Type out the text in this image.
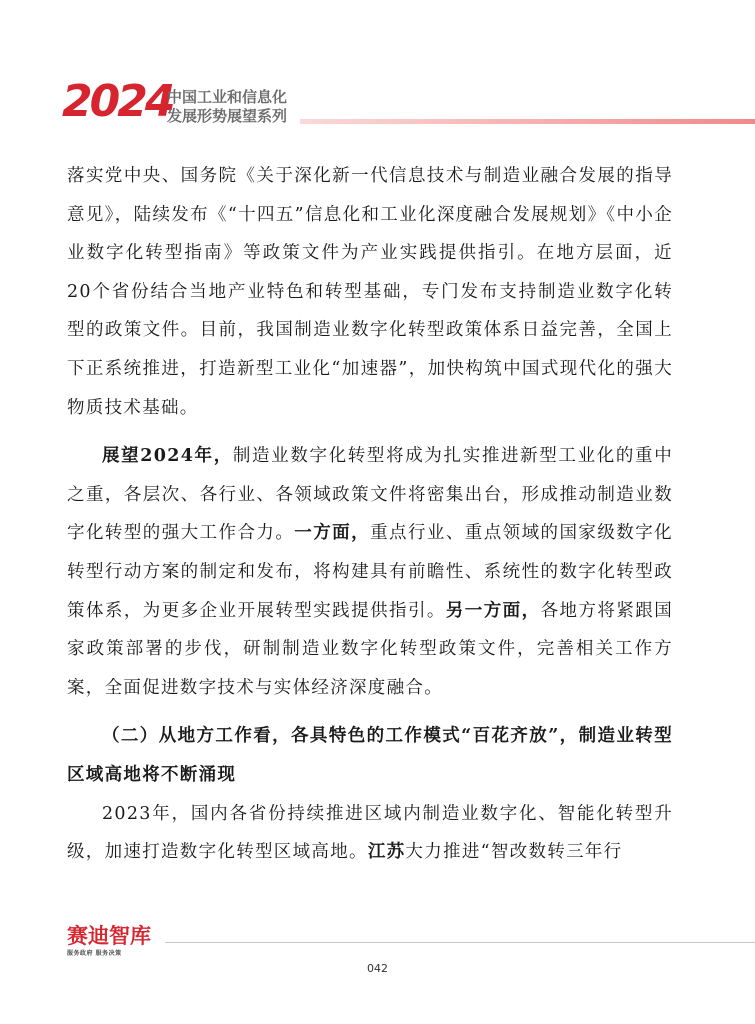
2024
中国工业和信息化
发展形势展望系列

落实党中央、国务院《关于深化新一代信息技术与制造业融合发展的指导意见》，陆续发布《“十四五”信息化和工业化深度融合发展规划》《中小企业数字化转型指南》等政策文件为产业实践提供指引。在地方层面，近20个省份结合当地产业特色和转型基础，专门发布支持制造业数字化转型的政策文件。目前，我国制造业数字化转型政策体系日益完善，全国上下正系统推进，打造新型工业化“加速器”，加快构筑中国式现代化的强大物质技术基础。

展望2024年，制造业数字化转型将成为扎实推进新型工业化的重中之重，各层次、各行业、各领域政策文件将密集出台，形成推动制造业数字化转型的强大工作合力。一方面，重点行业、重点领域的国家级数字化转型行动方案的制定和发布，将构建具有前瞻性、系统性的数字化转型政策体系，为更多企业开展转型实践提供指引。另一方面，各地方将紧跟国家政策部署的步伐，研制制造业数字化转型政策文件，完善相关工作方案，全面促进数字技术与实体经济深度融合。

（二）从地方工作看，各具特色的工作模式“百花齐放”，制造业转型区域高地将不断涌现

2023年，国内各省份持续推进区域内制造业数字化、智能化转型升级，加速打造数字化转型区域高地。江苏大力推进“智改数转三年行

赛迪智库
服务政府 服务决策
042
